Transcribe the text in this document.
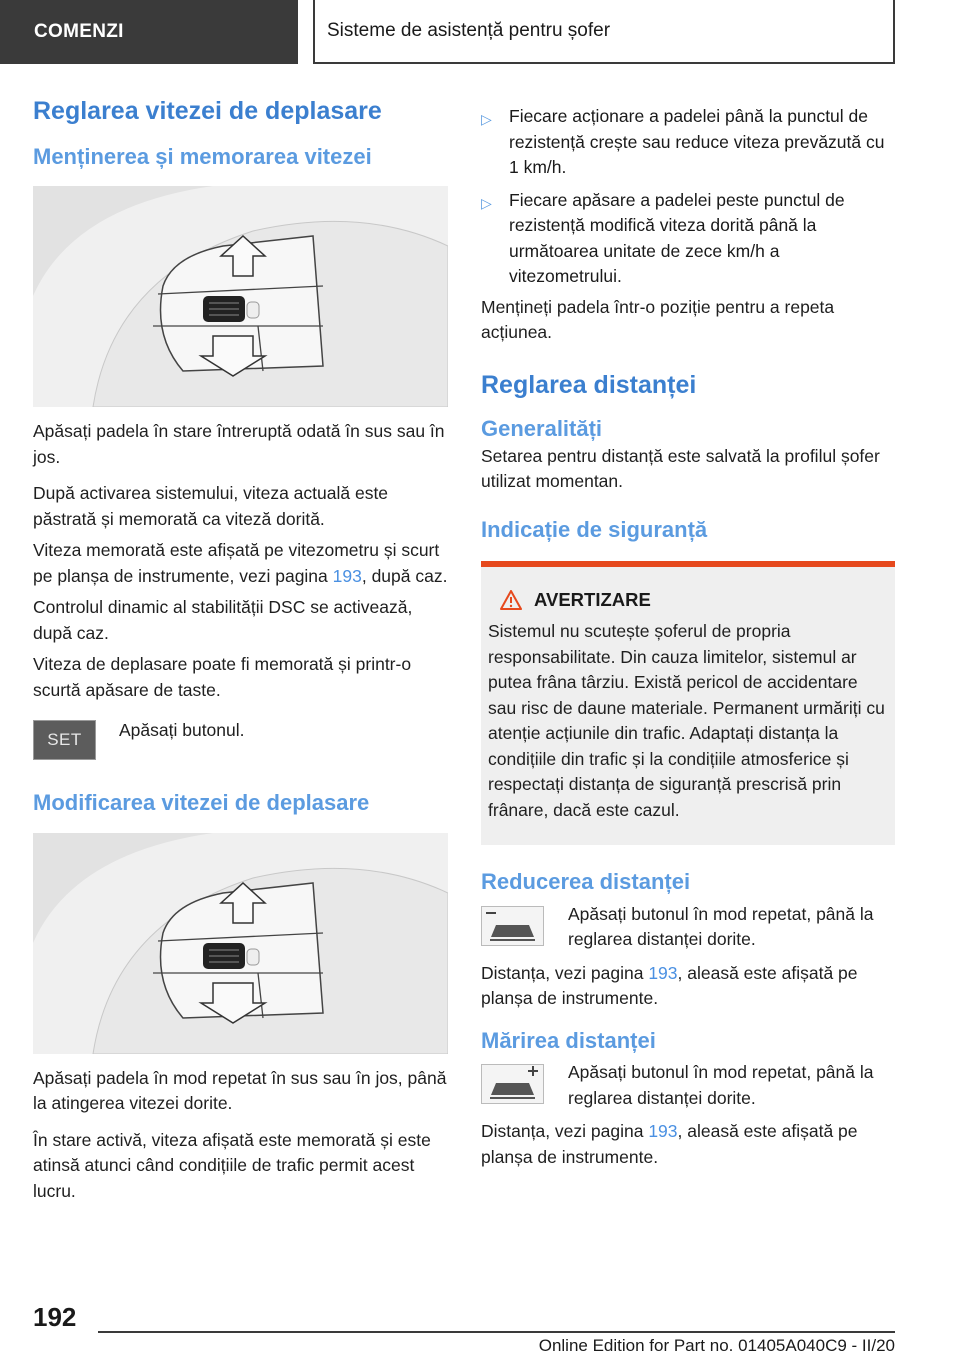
COMENZI	Sisteme de asistență pentru șofer
Reglarea vitezei de deplasare
Menținerea și memorarea vitezei

Apăsați padela în stare întreruptă odată în sus sau în jos.

După activarea sistemului, viteza actuală este păstrată și memorată ca viteză dorită.

Viteza memorată este afișată pe vitezometru și scurt pe planșa de instrumente, vezi pagina 193, după caz.

Controlul dinamic al stabilității DSC se activează, după caz.

Viteza de deplasare poate fi memorată și printr-o scurtă apăsare de taste.

SET Apăsați butonul.

Modificarea vitezei de deplasare

Apăsați padela în mod repetat în sus sau în jos, până la atingerea vitezei dorite.

În stare activă, viteza afișată este memorată și este atinsă atunci când condițiile de trafic permit acest lucru.

▷ Fiecare acționare a padelei până la punctul de rezistență crește sau reduce viteza prevăzută cu 1 km/h.
▷ Fiecare apăsare a padelei peste punctul de rezistență modifică viteza dorită până la următoarea unitate de zece km/h a vitezometrului.

Mențineți padela într-o poziție pentru a repeta acțiunea.

Reglarea distanței
Generalități

Setarea pentru distanță este salvată la profilul șofer utilizat momentan.

Indicație de siguranță
AVERTIZARE

Sistemul nu scutește șoferul de propria responsabilitate. Din cauza limitelor, sistemul ar putea frâna târziu. Există pericol de accidentare sau risc de daune materiale. Permanent urmăriți cu atenție acțiunile din trafic. Adaptați distanța la condițiile din trafic și la condițiile atmosferice și respectați distanța de siguranță prescrisă prin frânare, dacă este cazul.

Reducerea distanței

Apăsați butonul în mod repetat, până la reglarea distanței dorite.

Distanța, vezi pagina 193, aleasă este afișată pe planșa de instrumente.

Mărirea distanței

Apăsați butonul în mod repetat, până la reglarea distanței dorite.

Distanța, vezi pagina 193, aleasă este afișată pe planșa de instrumente.

192
Online Edition for Part no. 01405A040C9 - II/20
